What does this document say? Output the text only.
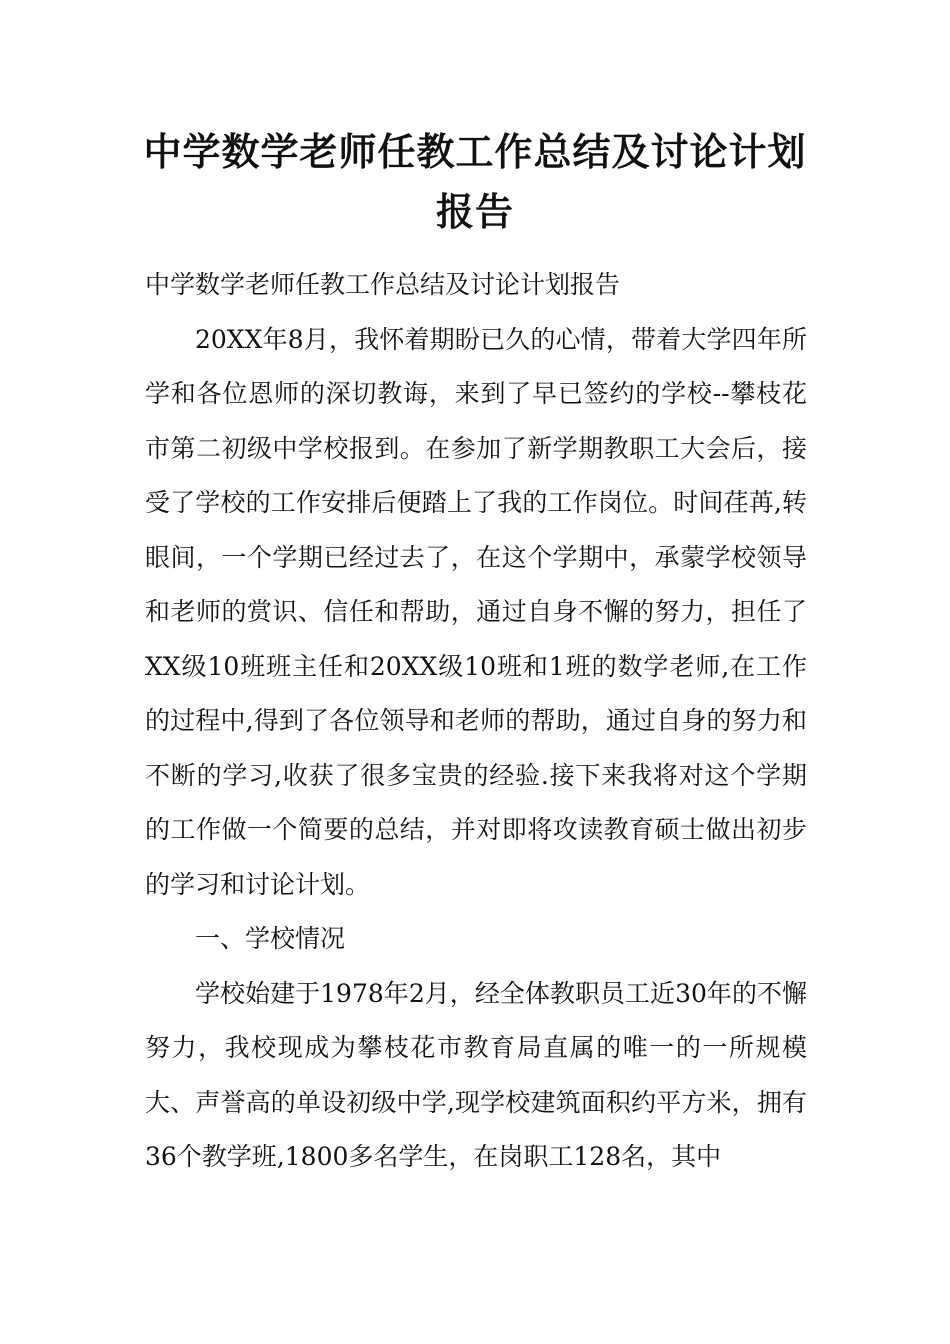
中学数学老师任教工作总结及讨论计划报告

中学数学老师任教工作总结及讨论计划报告

20XX年8月，我怀着期盼已久的心情，带着大学四年所学和各位恩师的深切教诲，来到了早已签约的学校--攀枝花市第二初级中学校报到。在参加了新学期教职工大会后，接受了学校的工作安排后便踏上了我的工作岗位。时间荏苒,转眼间，一个学期已经过去了，在这个学期中，承蒙学校领导和老师的赏识、信任和帮助，通过自身不懈的努力，担任了XX级10班班主任和20XX级10班和1班的数学老师,在工作的过程中,得到了各位领导和老师的帮助，通过自身的努力和不断的学习,收获了很多宝贵的经验.接下来我将对这个学期的工作做一个简要的总结，并对即将攻读教育硕士做出初步的学习和讨论计划。

一、学校情况

学校始建于1978年2月，经全体教职员工近30年的不懈努力，我校现成为攀枝花市教育局直属的唯一的一所规模大、声誉高的单设初级中学,现学校建筑面积约平方米，拥有36个教学班,1800多名学生，在岗职工128名，其中
